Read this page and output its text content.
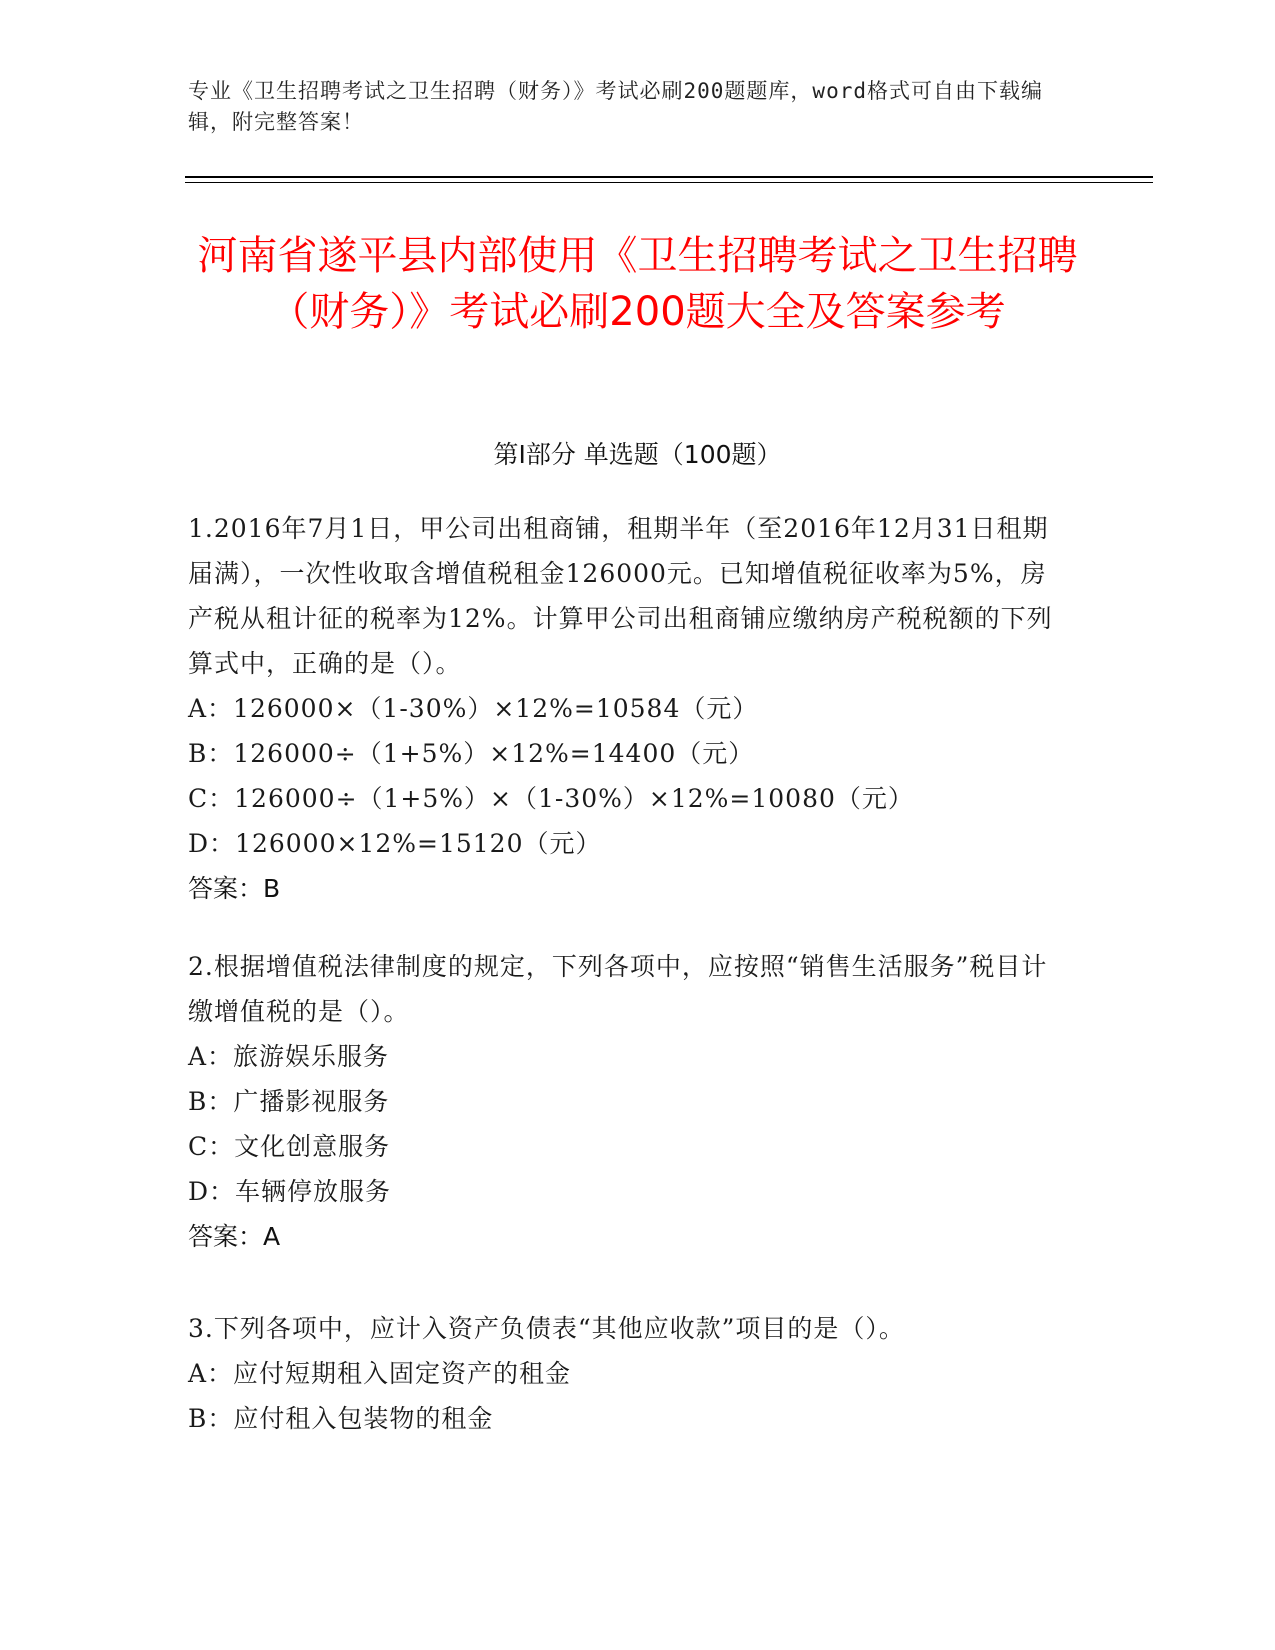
专业《卫生招聘考试之卫生招聘（财务）》考试必刷200题题库，word格式可自由下载编辑，附完整答案！
河南省遂平县内部使用《卫生招聘考试之卫生招聘（财务）》考试必刷200题大全及答案参考
第I部分 单选题（100题）

1.2016年7月1日，甲公司出租商铺，租期半年（至2016年12月31日租期届满），一次性收取含增值税租金126000元。已知增值税征收率为5%，房产税从租计征的税率为12%。计算甲公司出租商铺应缴纳房产税税额的下列算式中，正确的是（）。

A：126000×（1-30%）×12%=10584（元）

B：126000÷（1+5%）×12%=14400（元）

C：126000÷（1+5%）×（1-30%）×12%=10080（元）

D：126000×12%=15120（元）

答案：B

2.根据增值税法律制度的规定，下列各项中，应按照“销售生活服务”税目计缴增值税的是（）。

A：旅游娱乐服务

B：广播影视服务

C：文化创意服务

D：车辆停放服务

答案：A

3.下列各项中，应计入资产负债表“其他应收款”项目的是（）。

A：应付短期租入固定资产的租金

B：应付租入包装物的租金
